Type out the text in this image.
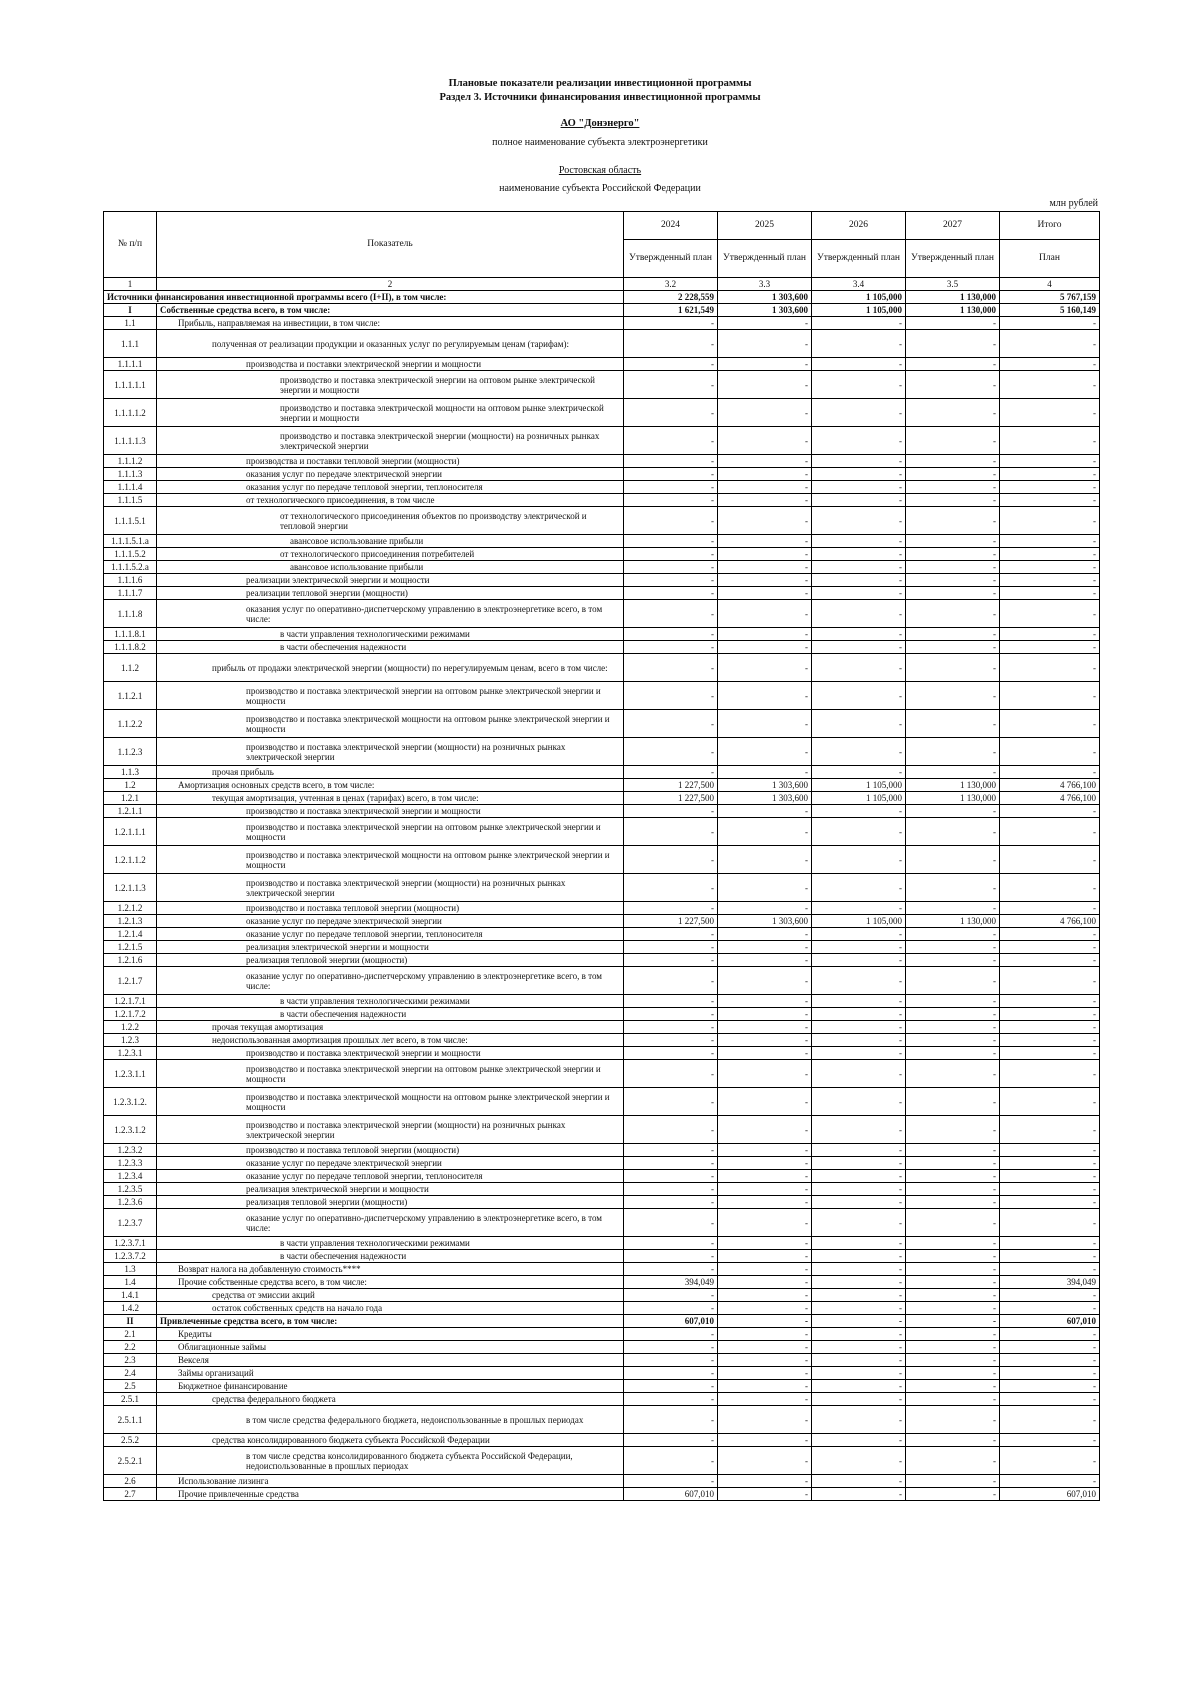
Плановые показатели реализации инвестиционной программы
Раздел 3. Источники финансирования инвестиционной программы
АО "Донэнерго"
полное наименование субъекта электроэнергетики
Ростовская область
наименование субъекта Российской Федерации
млн рублей
№ п/п	Показатель	2024	2025	2026	2027	Итого
		Утвержденный план	Утвержденный план	Утвержденный план	Утвержденный план	План
1	2	3.2	3.3	3.4	3.5	4
Источники финансирования инвестиционной программы всего (I+II), в том числе:		2 228,559	1 303,600	1 105,000	1 130,000	5 767,159
I	Собственные средства всего, в том числе:	1 621,549	1 303,600	1 105,000	1 130,000	5 160,149
1.1	Прибыль, направляемая на инвестиции, в том числе:	-	-	-	-	-
1.1.1	полученная от реализации продукции и оказанных услуг по регулируемым ценам (тарифам):	-	-	-	-	-
1.1.1.1	производства и поставки электрической энергии и мощности	-	-	-	-	-
1.1.1.1.1	производство и поставка электрической энергии на оптовом рынке электрической энергии и мощности	-	-	-	-	-
1.1.1.1.2	производство и поставка электрической мощности на оптовом рынке электрической энергии и мощности	-	-	-	-	-
1.1.1.1.3	производство и поставка электрической энергии (мощности) на розничных рынках электрической энергии	-	-	-	-	-
1.1.1.2	производства и поставки тепловой энергии (мощности)	-	-	-	-	-
1.1.1.3	оказания услуг по передаче электрической энергии	-	-	-	-	-
1.1.1.4	оказания услуг по передаче тепловой энергии, теплоносителя	-	-	-	-	-
1.1.1.5	от технологического присоединения, в том числе	-	-	-	-	-
1.1.1.5.1	от технологического присоединения объектов по производству электрической и тепловой энергии	-	-	-	-	-
1.1.1.5.1.a	авансовое использование прибыли	-	-	-	-	-
1.1.1.5.2	от технологического присоединения потребителей	-	-	-	-	-
1.1.1.5.2.a	авансовое использование прибыли	-	-	-	-	-
1.1.1.6	реализации электрической энергии и мощности	-	-	-	-	-
1.1.1.7	реализации тепловой энергии (мощности)	-	-	-	-	-
1.1.1.8	оказания услуг по оперативно-диспетчерскому управлению в электроэнергетике всего, в том числе:	-	-	-	-	-
1.1.1.8.1	в части управления технологическими режимами	-	-	-	-	-
1.1.1.8.2	в части обеспечения надежности	-	-	-	-	-
1.1.2	прибыль от продажи электрической энергии (мощности) по нерегулируемым ценам, всего в том числе:	-	-	-	-	-
1.1.2.1	производство и поставка электрической энергии на оптовом рынке электрической энергии и мощности	-	-	-	-	-
1.1.2.2	производство и поставка электрической мощности на оптовом рынке электрической энергии и мощности	-	-	-	-	-
1.1.2.3	производство и поставка электрической энергии (мощности) на розничных рынках электрической энергии	-	-	-	-	-
1.1.3	прочая прибыль	-	-	-	-	-
1.2	Амортизация основных средств всего, в том числе:	1 227,500	1 303,600	1 105,000	1 130,000	4 766,100
1.2.1	текущая амортизация, учтенная в ценах (тарифах) всего, в том числе:	1 227,500	1 303,600	1 105,000	1 130,000	4 766,100
1.2.1.1	производство и поставка электрической энергии и мощности	-	-	-	-	-
1.2.1.1.1	производство и поставка электрической энергии на оптовом рынке электрической энергии и мощности	-	-	-	-	-
1.2.1.1.2	производство и поставка электрической мощности на оптовом рынке электрической энергии и мощности	-	-	-	-	-
1.2.1.1.3	производство и поставка электрической энергии (мощности) на розничных рынках электрической энергии	-	-	-	-	-
1.2.1.2	производство и поставка тепловой энергии (мощности)	-	-	-	-	-
1.2.1.3	оказание услуг по передаче электрической энергии	1 227,500	1 303,600	1 105,000	1 130,000	4 766,100
1.2.1.4	оказание услуг по передаче тепловой энергии, теплоносителя	-	-	-	-	-
1.2.1.5	реализация электрической энергии и мощности	-	-	-	-	-
1.2.1.6	реализация тепловой энергии (мощности)	-	-	-	-	-
1.2.1.7	оказание услуг по оперативно-диспетчерскому управлению в электроэнергетике всего, в том числе:	-	-	-	-	-
1.2.1.7.1	в части управления технологическими режимами	-	-	-	-	-
1.2.1.7.2	в части обеспечения надежности	-	-	-	-	-
1.2.2	прочая текущая амортизация	-	-	-	-	-
1.2.3	недоиспользованная амортизация прошлых лет всего, в том числе:	-	-	-	-	-
1.2.3.1	производство и поставка электрической энергии и мощности	-	-	-	-	-
1.2.3.1.1	производство и поставка электрической энергии на оптовом рынке электрической энергии и мощности	-	-	-	-	-
1.2.3.1.2.	производство и поставка электрической мощности на оптовом рынке электрической энергии и мощности	-	-	-	-	-
1.2.3.1.2	производство и поставка электрической энергии (мощности) на розничных рынках электрической энергии	-	-	-	-	-
1.2.3.2	производство и поставка тепловой энергии (мощности)	-	-	-	-	-
1.2.3.3	оказание услуг по передаче электрической энергии	-	-	-	-	-
1.2.3.4	оказание услуг по передаче тепловой энергии, теплоносителя	-	-	-	-	-
1.2.3.5	реализация электрической энергии и мощности	-	-	-	-	-
1.2.3.6	реализация тепловой энергии (мощности)	-	-	-	-	-
1.2.3.7	оказание услуг по оперативно-диспетчерскому управлению в электроэнергетике всего, в том числе:	-	-	-	-	-
1.2.3.7.1	в части управления технологическими режимами	-	-	-	-	-
1.2.3.7.2	в части обеспечения надежности	-	-	-	-	-
1.3	Возврат налога на добавленную стоимость****	-	-	-	-	-
1.4	Прочие собственные средства всего, в том числе:	394,049	-	-	-	394,049
1.4.1	средства от эмиссии акций	-	-	-	-	-
1.4.2	остаток собственных средств на начало года	-	-	-	-	-
II	Привлеченные средства всего, в том числе:	607,010	-	-	-	607,010
2.1	Кредиты	-	-	-	-	-
2.2	Облигационные займы	-	-	-	-	-
2.3	Векселя	-	-	-	-	-
2.4	Займы организаций	-	-	-	-	-
2.5	Бюджетное финансирование	-	-	-	-	-
2.5.1	средства федерального бюджета	-	-	-	-	-
2.5.1.1	в том числе средства федерального бюджета, недоиспользованные в прошлых периодах	-	-	-	-	-
2.5.2	средства консолидированного бюджета субъекта Российской Федерации	-	-	-	-	-
2.5.2.1	в том числе средства консолидированного бюджета субъекта Российской Федерации, недоиспользованные в прошлых периодах	-	-	-	-	-
2.6	Использование лизинга	-	-	-	-	-
2.7	Прочие привлеченные средства	607,010	-	-	-	607,010
